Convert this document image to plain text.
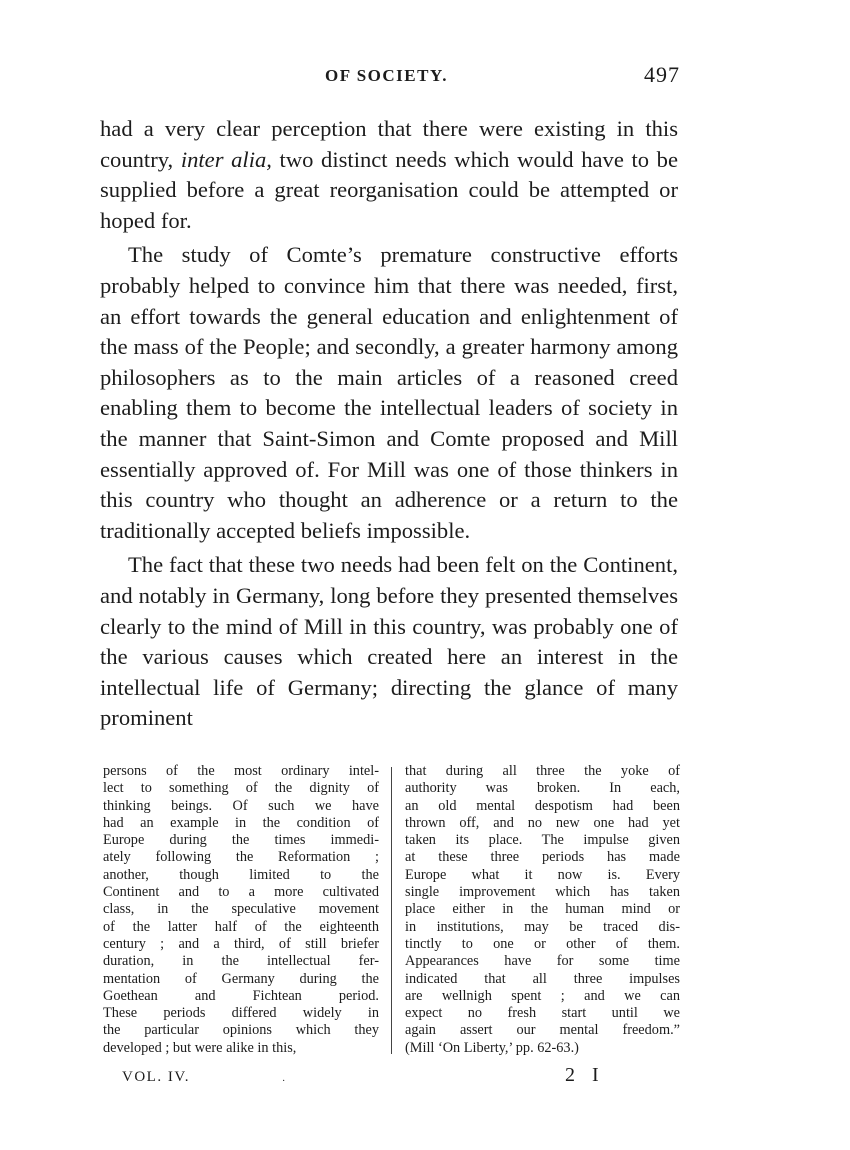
OF SOCIETY.	497

had a very clear perception that there were existing in this country, inter alia, two distinct needs which would have to be supplied before a great reorganisation could be attempted or hoped for.

The study of Comte’s premature constructive efforts probably helped to convince him that there was needed, first, an effort towards the general education and enlightenment of the mass of the People; and secondly, a greater harmony among philosophers as to the main articles of a reasoned creed enabling them to become the intellectual leaders of society in the manner that Saint-Simon and Comte proposed and Mill essentially approved of. For Mill was one of those thinkers in this country who thought an adherence or a return to the traditionally accepted beliefs impossible.

The fact that these two needs had been felt on the Continent, and notably in Germany, long before they presented themselves clearly to the mind of Mill in this country, was probably one of the various causes which created here an interest in the intellectual life of Germany; directing the glance of many prominent

persons of the most ordinary intel-
lect to something of the dignity of
thinking beings. Of such we have
had an example in the condition of
Europe during the times immedi-
ately following the Reformation ;
another, though limited to the
Continent and to a more cultivated
class, in the speculative movement
of the latter half of the eighteenth
century ; and a third, of still briefer
duration, in the intellectual fer-
mentation of Germany during the
Goethean and Fichtean period.
These periods differed widely in
the particular opinions which they
developed ; but were alike in this,
that during all three the yoke of
authority was broken. In each,
an old mental despotism had been
thrown off, and no new one had yet
taken its place. The impulse given
at these three periods has made
Europe what it now is. Every
single improvement which has taken
place either in the human mind or
in institutions, may be traced dis-
tinctly to one or other of them.
Appearances have for some time
indicated that all three impulses
are wellnigh spent ; and we can
expect no fresh start until we
again assert our mental freedom.”
(Mill ‘On Liberty,’ pp. 62-63.)
VOL. IV.	·	2 I
